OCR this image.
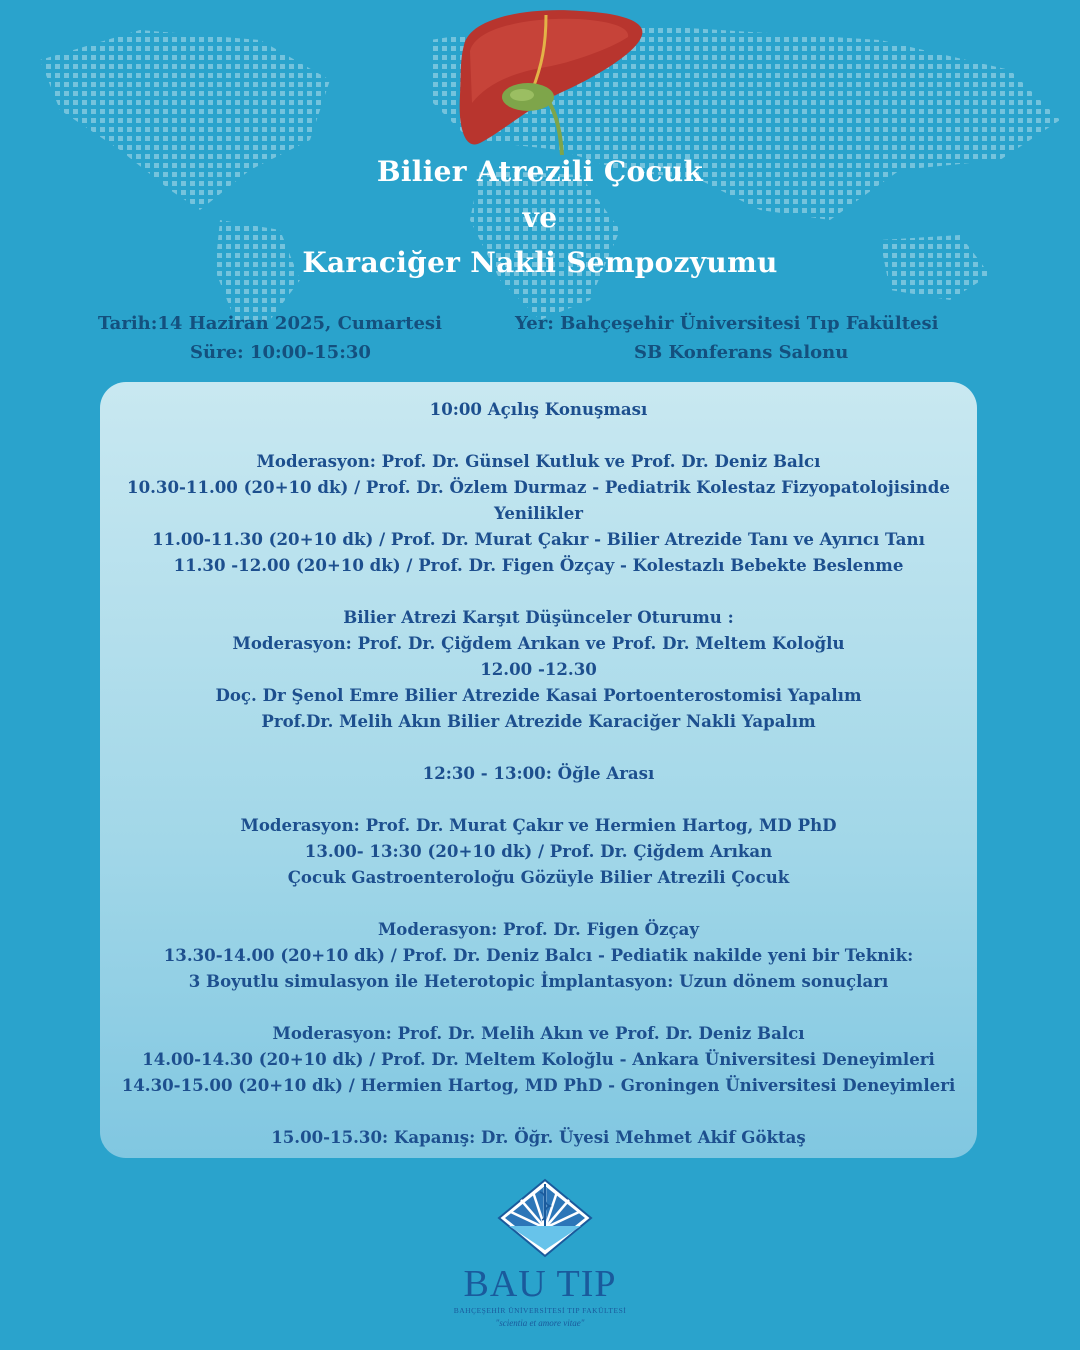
Bilier Atrezili Çocuk
ve
Karaciğer Nakli Sempozyumu
Tarih:14 Haziran 2025, Cumartesi
Süre: 10:00-15:30
Yer: Bahçeşehir Üniversitesi Tıp Fakültesi
SB Konferans Salonu
10:00 Açılış Konuşması
Moderasyon: Prof. Dr. Günsel Kutluk ve Prof. Dr. Deniz Balcı
10.30-11.00 (20+10 dk) / Prof. Dr. Özlem Durmaz - Pediatrik Kolestaz Fizyopatolojisinde
Yenilikler
11.00-11.30 (20+10 dk) / Prof. Dr. Murat Çakır - Bilier Atrezide Tanı ve Ayırıcı Tanı
11.30 -12.00 (20+10 dk) / Prof. Dr. Figen Özçay - Kolestazlı Bebekte Beslenme
Bilier Atrezi Karşıt Düşünceler Oturumu :
Moderasyon: Prof. Dr. Çiğdem Arıkan ve Prof. Dr. Meltem Koloğlu
12.00 -12.30
Doç. Dr Şenol Emre Bilier Atrezide Kasai Portoenterostomisi Yapalım
Prof.Dr. Melih Akın Bilier Atrezide Karaciğer Nakli Yapalım
12:30 - 13:00: Öğle Arası
Moderasyon: Prof. Dr. Murat Çakır ve Hermien Hartog, MD PhD
13.00- 13:30 (20+10 dk) / Prof. Dr. Çiğdem Arıkan
Çocuk Gastroenteroloğu Gözüyle Bilier Atrezili Çocuk
Moderasyon: Prof. Dr. Figen Özçay
13.30-14.00 (20+10 dk) / Prof. Dr. Deniz Balcı - Pediatik nakilde yeni bir Teknik:
3 Boyutlu simulasyon ile Heterotopic İmplantasyon: Uzun dönem sonuçları
Moderasyon: Prof. Dr. Melih Akın ve Prof. Dr. Deniz Balcı
14.00-14.30 (20+10 dk) / Prof. Dr. Meltem Koloğlu - Ankara Üniversitesi Deneyimleri
14.30-15.00 (20+10 dk) / Hermien Hartog, MD PhD - Groningen Üniversitesi Deneyimleri
15.00-15.30: Kapanış: Dr. Öğr. Üyesi Mehmet Akif Göktaş
BAU TIP
BAHÇEŞEHİR ÜNİVERSİTESİ TIP FAKÜLTESİ
"scientia et amore vitae"
